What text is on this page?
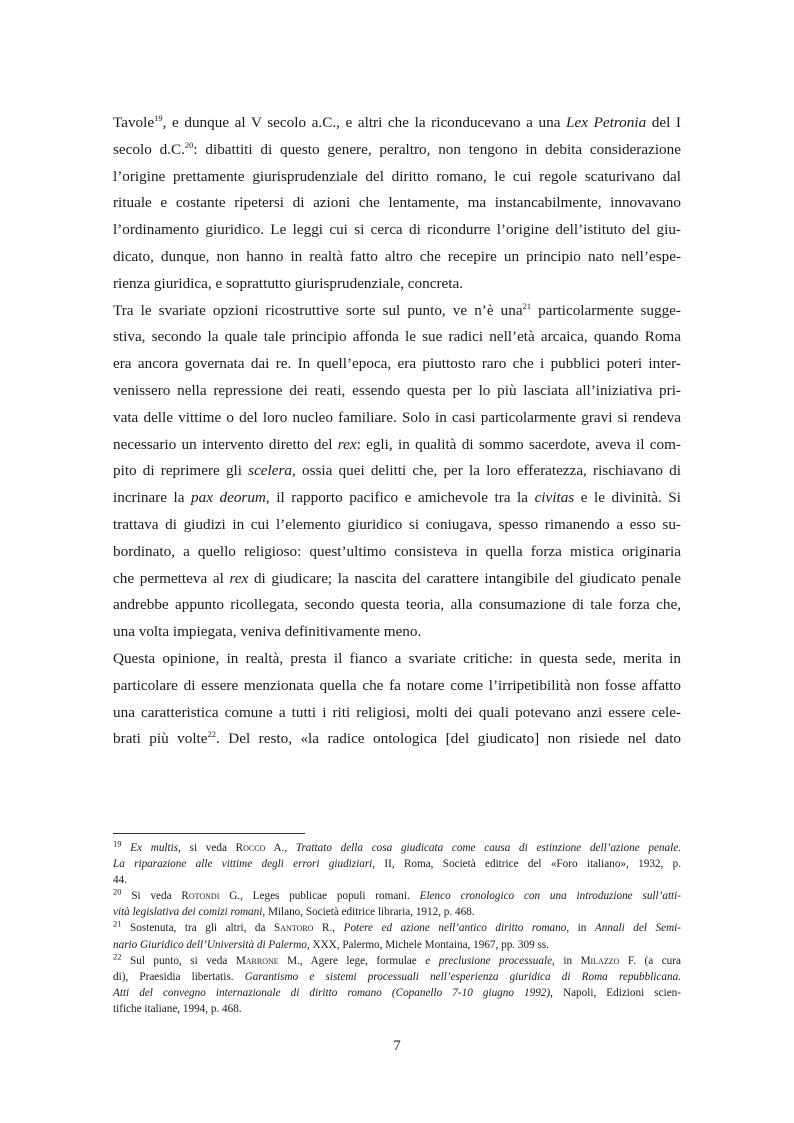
Tavole$^{19}$, e dunque al V secolo a.C., e altri che la riconducevano a una Lex Petronia del I
secolo d.C.$^{20}$: dibattiti di questo genere, peraltro, non tengono in debita considerazione
l’origine prettamente giurisprudenziale del diritto romano, le cui regole scaturivano dal
rituale e costante ripetersi di azioni che lentamente, ma instancabilmente, innovavano
l’ordinamento giuridico. Le leggi cui si cerca di ricondurre l’origine dell’istituto del giu-
dicato, dunque, non hanno in realtà fatto altro che recepire un principio nato nell’espe-
rienza giuridica, e soprattutto giurisprudenziale, concreta.
Tra le svariate opzioni ricostruttive sorte sul punto, ve n’è una$^{21}$ particolarmente sugge-
stiva, secondo la quale tale principio affonda le sue radici nell’età arcaica, quando Roma
era ancora governata dai re. In quell’epoca, era piuttosto raro che i pubblici poteri inter-
venissero nella repressione dei reati, essendo questa per lo più lasciata all’iniziativa pri-
vata delle vittime o del loro nucleo familiare. Solo in casi particolarmente gravi si rendeva
necessario un intervento diretto del rex: egli, in qualità di sommo sacerdote, aveva il com-
pito di reprimere gli scelera, ossia quei delitti che, per la loro efferatezza, rischiavano di
incrinare la pax deorum, il rapporto pacifico e amichevole tra la civitas e le divinità. Si
trattava di giudizi in cui l’elemento giuridico si coniugava, spesso rimanendo a esso su-
bordinato, a quello religioso: quest’ultimo consisteva in quella forza mistica originaria
che permetteva al rex di giudicare; la nascita del carattere intangibile del giudicato penale
andrebbe appunto ricollegata, secondo questa teoria, alla consumazione di tale forza che,
una volta impiegata, veniva definitivamente meno.
Questa opinione, in realtà, presta il fianco a svariate critiche: in questa sede, merita in
particolare di essere menzionata quella che fa notare come l’irripetibilità non fosse affatto
una caratteristica comune a tutti i riti religiosi, molti dei quali potevano anzi essere cele-
brati più volte$^{22}$. Del resto, «la radice ontologica [del giudicato] non risiede nel dato
$^{19}$ Ex multis, si veda Rocco A., Trattato della cosa giudicata come causa di estinzione dell’azione penale.
La riparazione alle vittime degli errori giudiziari, II, Roma, Società editrice del «Foro italiano», 1932, p.
44.
$^{20}$ Si veda Rotondi G., Leges publicae populi romani. Elenco cronologico con una introduzione sull’atti-
vità legislativa dei comizi romani, Milano, Società editrice libraria, 1912, p. 468.
$^{21}$ Sostenuta, tra gli altri, da Santoro R., Potere ed azione nell’antico diritto romano, in Annali del Semi-
nario Giuridico dell’Università di Palermo, XXX, Palermo, Michele Montaina, 1967, pp. 309 ss.
$^{22}$ Sul punto, si veda Marrone M., Agere lege, formulae e preclusione processuale, in Milazzo F. (a cura
di), Praesidia libertatis. Garantismo e sistemi processuali nell’esperienza giuridica di Roma repubblicana.
Atti del convegno internazionale di diritto romano (Copanello 7-10 giugno 1992), Napoli, Edizioni scien-
tifiche italiane, 1994, p. 468.
7
